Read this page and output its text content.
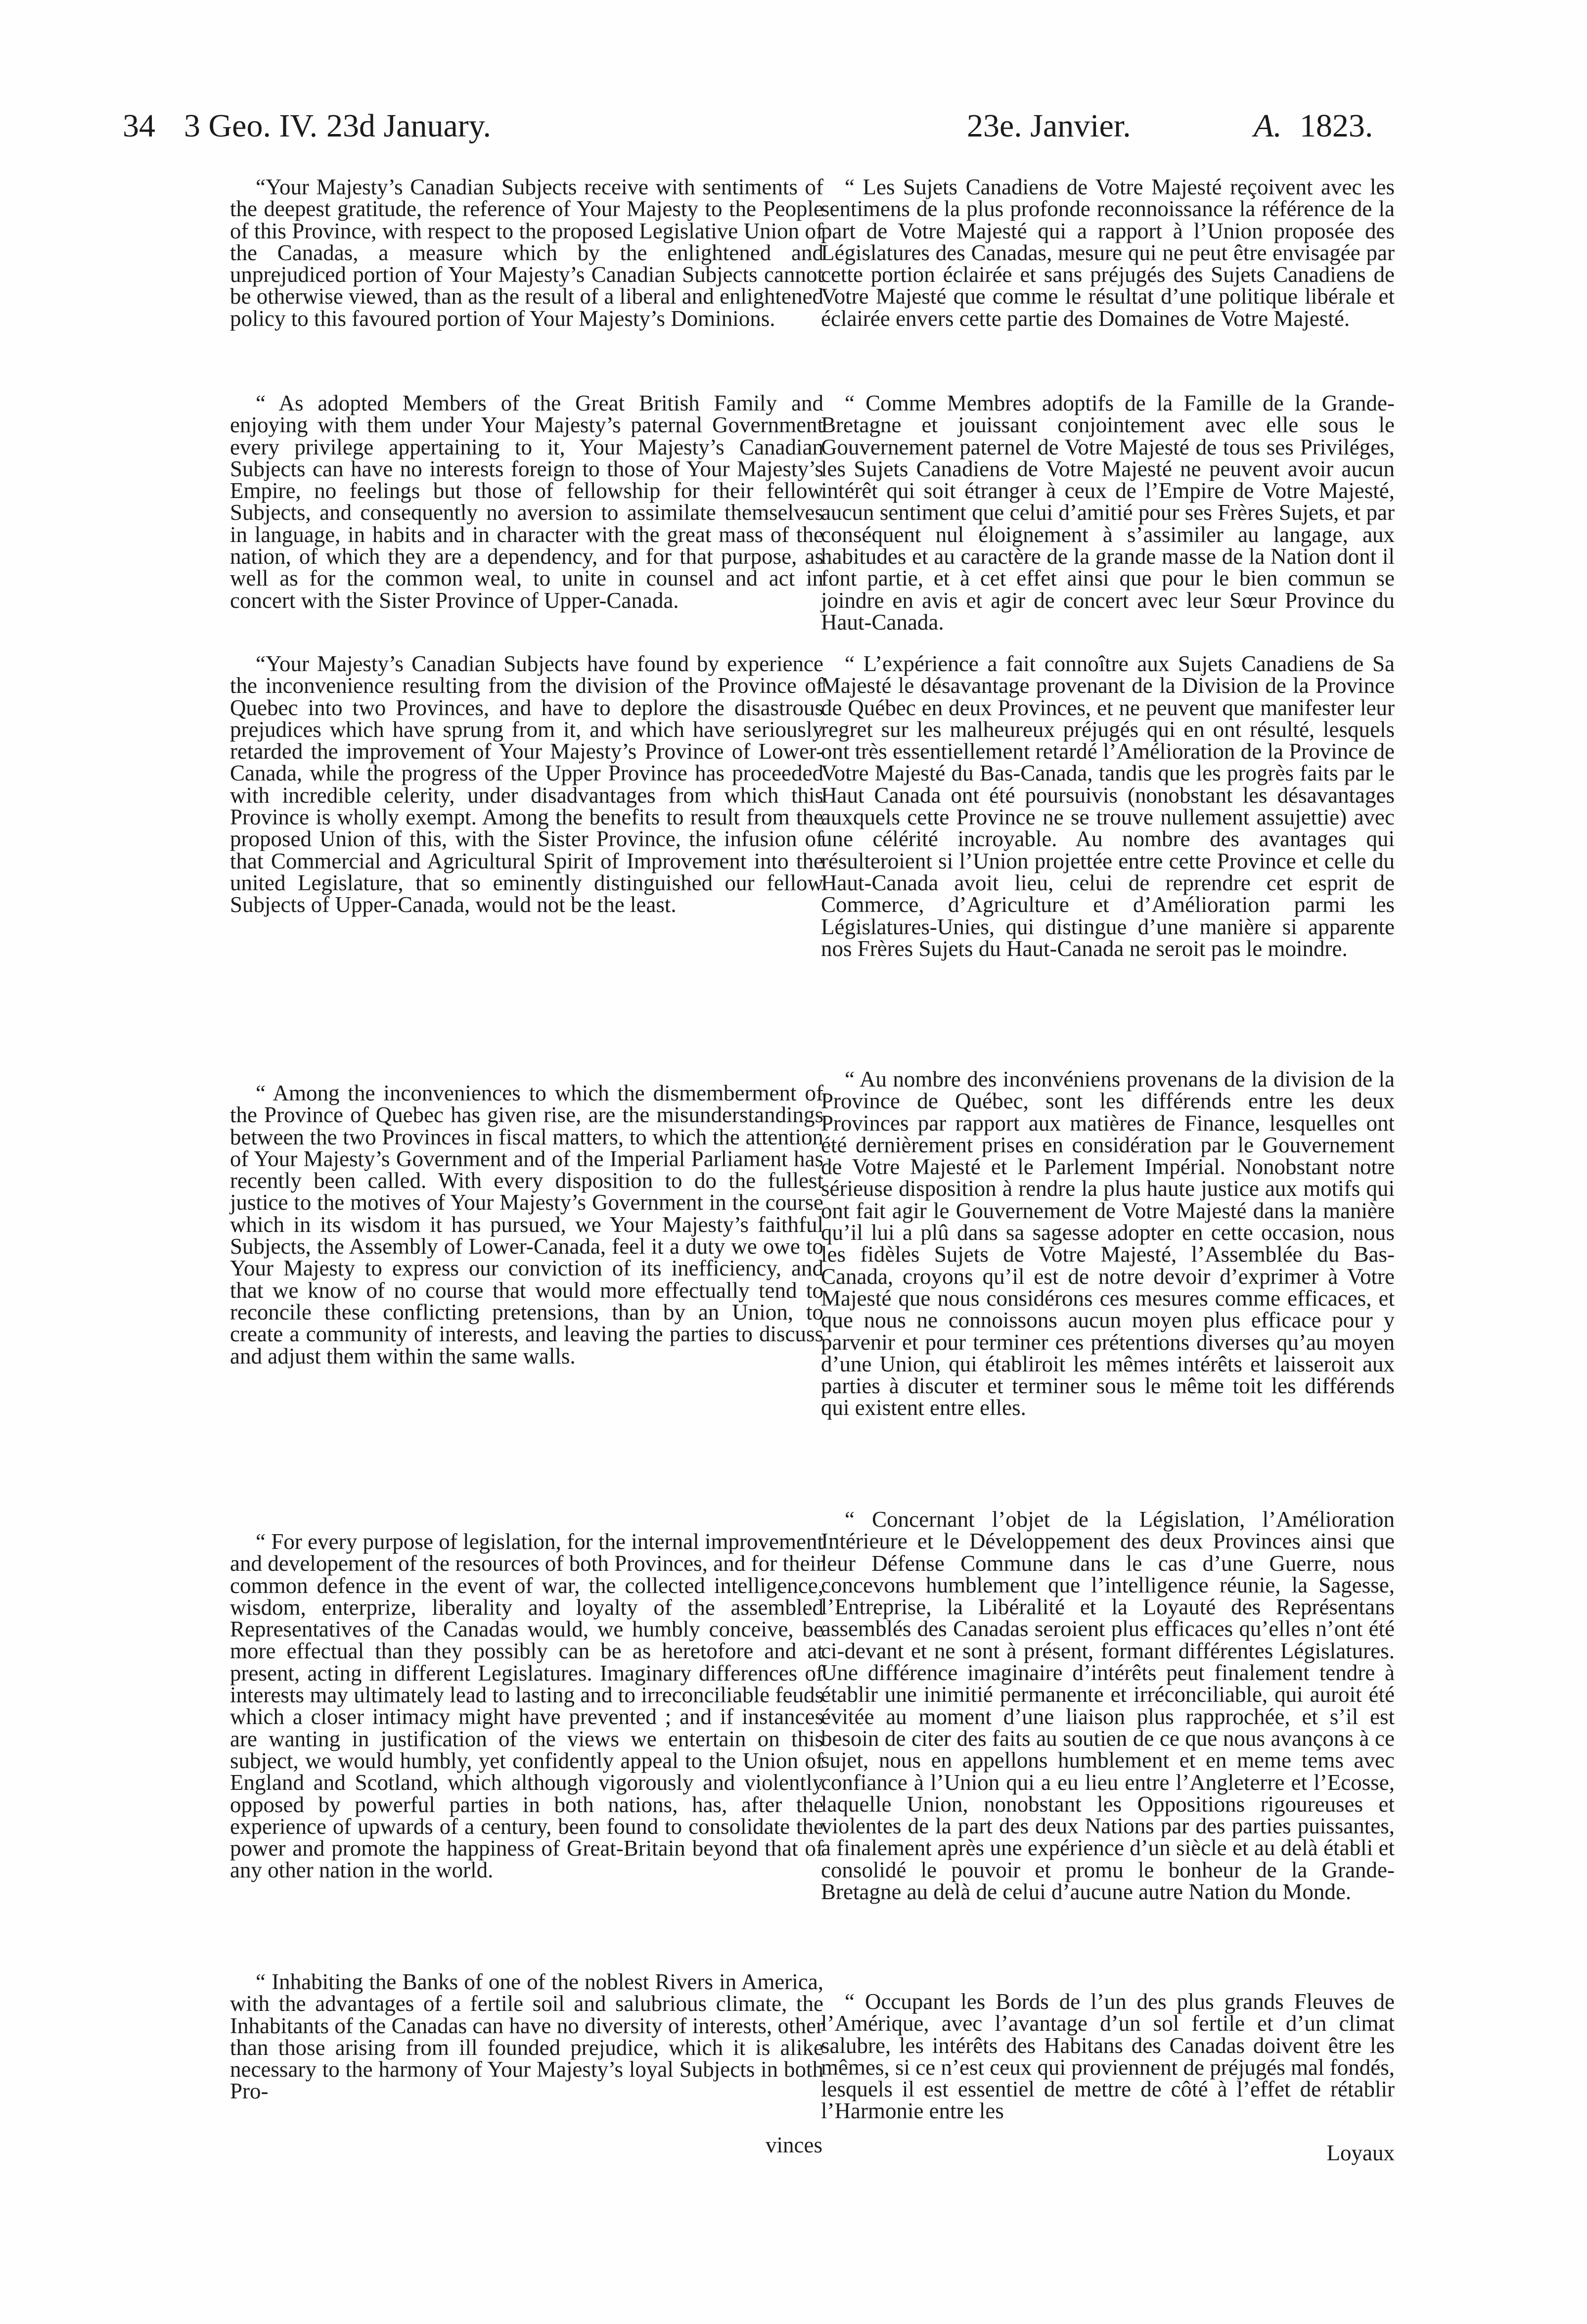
34 3 Geo. IV. 23d January.	23e. Janvier.	A. 1823.

“Your Majesty’s Canadian Subjects receive with sentiments of the deepest gratitude, the reference of Your Majesty to the People of this Province, with respect to the proposed Legislative Union of the Canadas, a measure which by the enlightened and unprejudiced portion of Your Majesty’s Canadian Subjects cannot be otherwise viewed, than as the result of a liberal and enlightened policy to this favoured portion of Your Majesty’s Dominions.

“ As adopted Members of the Great British Family and enjoying with them under Your Majesty’s paternal Government every privilege appertaining to it, Your Majesty’s Canadian Subjects can have no interests foreign to those of Your Majesty’s Empire, no feelings but those of fellowship for their fellow Subjects, and consequently no aversion to assimilate themselves in language, in habits and in character with the great mass of the nation, of which they are a dependency, and for that purpose, as well as for the common weal, to unite in counsel and act in concert with the Sister Province of Upper-Canada.

“Your Majesty’s Canadian Subjects have found by experience the inconvenience resulting from the division of the Province of Quebec into two Provinces, and have to deplore the disastrous prejudices which have sprung from it, and which have seriously retarded the improvement of Your Majesty’s Province of Lower-Canada, while the progress of the Upper Province has proceeded with incredible celerity, under disadvantages from which this Province is wholly exempt. Among the benefits to result from the proposed Union of this, with the Sister Province, the infusion of that Commercial and Agricultural Spirit of Improvement into the united Legislature, that so eminently distinguished our fellow Subjects of Upper-Canada, would not be the least.

“ Among the inconveniences to which the dismemberment of the Province of Quebec has given rise, are the misunderstandings between the two Provinces in fiscal matters, to which the attention of Your Majesty’s Government and of the Imperial Parliament has recently been called. With every disposition to do the fullest justice to the motives of Your Majesty’s Government in the course which in its wisdom it has pursued, we Your Majesty’s faithful Subjects, the Assembly of Lower-Canada, feel it a duty we owe to Your Majesty to express our conviction of its inefficiency, and that we know of no course that would more effectually tend to reconcile these conflicting pretensions, than by an Union, to create a community of interests, and leaving the parties to discuss and adjust them within the same walls.

“ For every purpose of legislation, for the internal improvement and developement of the resources of both Provinces, and for their common defence in the event of war, the collected intelligence, wisdom, enterprize, liberality and loyalty of the assembled Representatives of the Canadas would, we humbly conceive, be more effectual than they possibly can be as heretofore and at present, acting in different Legislatures. Imaginary differences of interests may ultimately lead to lasting and to irreconciliable feuds which a closer intimacy might have prevented ; and if instances are wanting in justification of the views we entertain on this subject, we would humbly, yet confidently appeal to the Union of England and Scotland, which although vigorously and violently opposed by powerful parties in both nations, has, after the experience of upwards of a century, been found to consolidate the power and promote the happiness of Great-Britain beyond that of any other nation in the world.

“ Inhabiting the Banks of one of the noblest Rivers in America, with the advantages of a fertile soil and salubrious climate, the Inhabitants of the Canadas can have no diversity of interests, other than those arising from ill founded prejudice, which it is alike necessary to the harmony of Your Majesty’s loyal Subjects in both Pro-

vinces

“ Les Sujets Canadiens de Votre Majesté reçoivent avec les sentimens de la plus profonde reconnoissance la référence de la part de Votre Majesté qui a rapport à l’Union proposée des Législatures des Canadas, mesure qui ne peut être envisagée par cette portion éclairée et sans préjugés des Sujets Canadiens de Votre Majesté que comme le résultat d’une politique libérale et éclairée envers cette partie des Domaines de Votre Majesté.

“ Comme Membres adoptifs de la Famille de la Grande-Bretagne et jouissant conjointement avec elle sous le Gouvernement paternel de Votre Majesté de tous ses Priviléges, les Sujets Canadiens de Votre Majesté ne peuvent avoir aucun intérêt qui soit étranger à ceux de l’Empire de Votre Majesté, aucun sentiment que celui d’amitié pour ses Frères Sujets, et par conséquent nul éloignement à s’assimiler au langage, aux habitudes et au caractère de la grande masse de la Nation dont il font partie, et à cet effet ainsi que pour le bien commun se joindre en avis et agir de concert avec leur Sœur Province du Haut-Canada.

“ L’expérience a fait connoître aux Sujets Canadiens de Sa Majesté le désavantage provenant de la Division de la Province de Québec en deux Provinces, et ne peuvent que manifester leur regret sur les malheureux préjugés qui en ont résulté, lesquels ont très essentiellement retardé l’Amélioration de la Province de Votre Majesté du Bas-Canada, tandis que les progrès faits par le Haut Canada ont été poursuivis (nonobstant les désavantages auxquels cette Province ne se trouve nullement assujettie) avec une célérité incroyable. Au nombre des avantages qui résulteroient si l’Union projettée entre cette Province et celle du Haut-Canada avoit lieu, celui de reprendre cet esprit de Commerce, d’Agriculture et d’Amélioration parmi les Législatures-Unies, qui distingue d’une manière si apparente nos Frères Sujets du Haut-Canada ne seroit pas le moindre.

“ Au nombre des inconvéniens provenans de la division de la Province de Québec, sont les différends entre les deux Provinces par rapport aux matières de Finance, lesquelles ont été dernièrement prises en considération par le Gouvernement de Votre Majesté et le Parlement Impérial. Nonobstant notre sérieuse disposition à rendre la plus haute justice aux motifs qui ont fait agir le Gouvernement de Votre Majesté dans la manière qu’il lui a plû dans sa sagesse adopter en cette occasion, nous les fidèles Sujets de Votre Majesté, l’Assemblée du Bas-Canada, croyons qu’il est de notre devoir d’exprimer à Votre Majesté que nous considérons ces mesures comme efficaces, et que nous ne connoissons aucun moyen plus efficace pour y parvenir et pour terminer ces prétentions diverses qu’au moyen d’une Union, qui établiroit les mêmes intérêts et laisseroit aux parties à discuter et terminer sous le même toit les différends qui existent entre elles.

“ Concernant l’objet de la Législation, l’Amélioration Intérieure et le Développement des deux Provinces ainsi que leur Défense Commune dans le cas d’une Guerre, nous concevons humblement que l’intelligence réunie, la Sagesse, l’Entreprise, la Libéralité et la Loyauté des Représentans assemblés des Canadas seroient plus efficaces qu’elles n’ont été ci-devant et ne sont à présent, formant différentes Législatures. Une différence imaginaire d’intérêts peut finalement tendre à établir une inimitié permanente et irréconciliable, qui auroit été évitée au moment d’une liaison plus rapprochée, et s’il est besoin de citer des faits au soutien de ce que nous avançons à ce sujet, nous en appellons humblement et en meme tems avec confiance à l’Union qui a eu lieu entre l’Angleterre et l’Ecosse, laquelle Union, nonobstant les Oppositions rigoureuses et violentes de la part des deux Nations par des parties puissantes, a finalement après une expérience d’un siècle et au delà établi et consolidé le pouvoir et promu le bonheur de la Grande-Bretagne au delà de celui d’aucune autre Nation du Monde.

“ Occupant les Bords de l’un des plus grands Fleuves de l’Amérique, avec l’avantage d’un sol fertile et d’un climat salubre, les intérêts des Habitans des Canadas doivent être les mêmes, si ce n’est ceux qui proviennent de préjugés mal fondés, lesquels il est essentiel de mettre de côté à l’effet de rétablir l’Harmonie entre les

Loyaux
